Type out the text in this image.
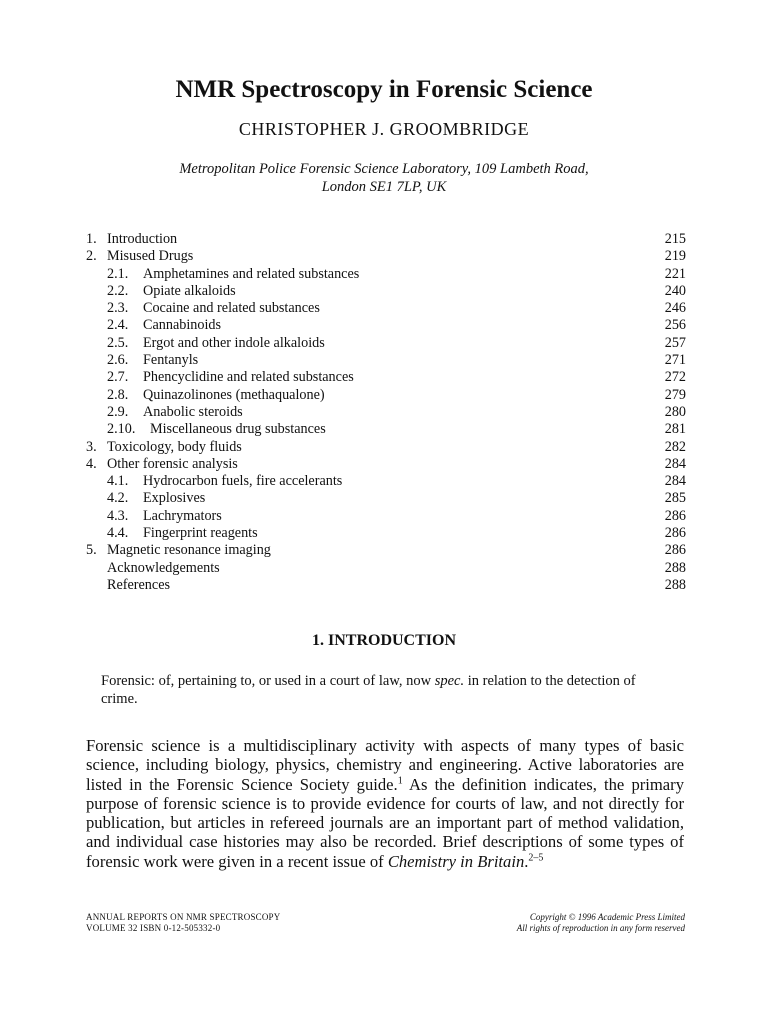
NMR Spectroscopy in Forensic Science
CHRISTOPHER J. GROOMBRIDGE
Metropolitan Police Forensic Science Laboratory, 109 Lambeth Road,
London SE1 7LP, UK
1. Introduction	215
2. Misused Drugs	219
2.1. Amphetamines and related substances	221
2.2. Opiate alkaloids	240
2.3. Cocaine and related substances	246
2.4. Cannabinoids	256
2.5. Ergot and other indole alkaloids	257
2.6. Fentanyls	271
2.7. Phencyclidine and related substances	272
2.8. Quinazolinones (methaqualone)	279
2.9. Anabolic steroids	280
2.10. Miscellaneous drug substances	281
3. Toxicology, body fluids	282
4. Other forensic analysis	284
4.1. Hydrocarbon fuels, fire accelerants	284
4.2. Explosives	285
4.3. Lachrymators	286
4.4. Fingerprint reagents	286
5. Magnetic resonance imaging	286
Acknowledgements	288
References	288
1. INTRODUCTION
Forensic: of, pertaining to, or used in a court of law, now spec. in relation to the detection of crime.

Forensic science is a multidisciplinary activity with aspects of many types of basic science, including biology, physics, chemistry and engineering. Active laboratories are listed in the Forensic Science Society guide.$^1$ As the definition indicates, the primary purpose of forensic science is to provide evidence for courts of law, and not directly for publication, but articles in refereed journals are an important part of method validation, and individual case histories may also be recorded. Brief descriptions of some types of forensic work were given in a recent issue of Chemistry in Britain.$^{2-5}$

ANNUAL REPORTS ON NMR SPECTROSCOPY
VOLUME 32 ISBN 0-12-505332-0
Copyright © 1996 Academic Press Limited
All rights of reproduction in any form reserved
